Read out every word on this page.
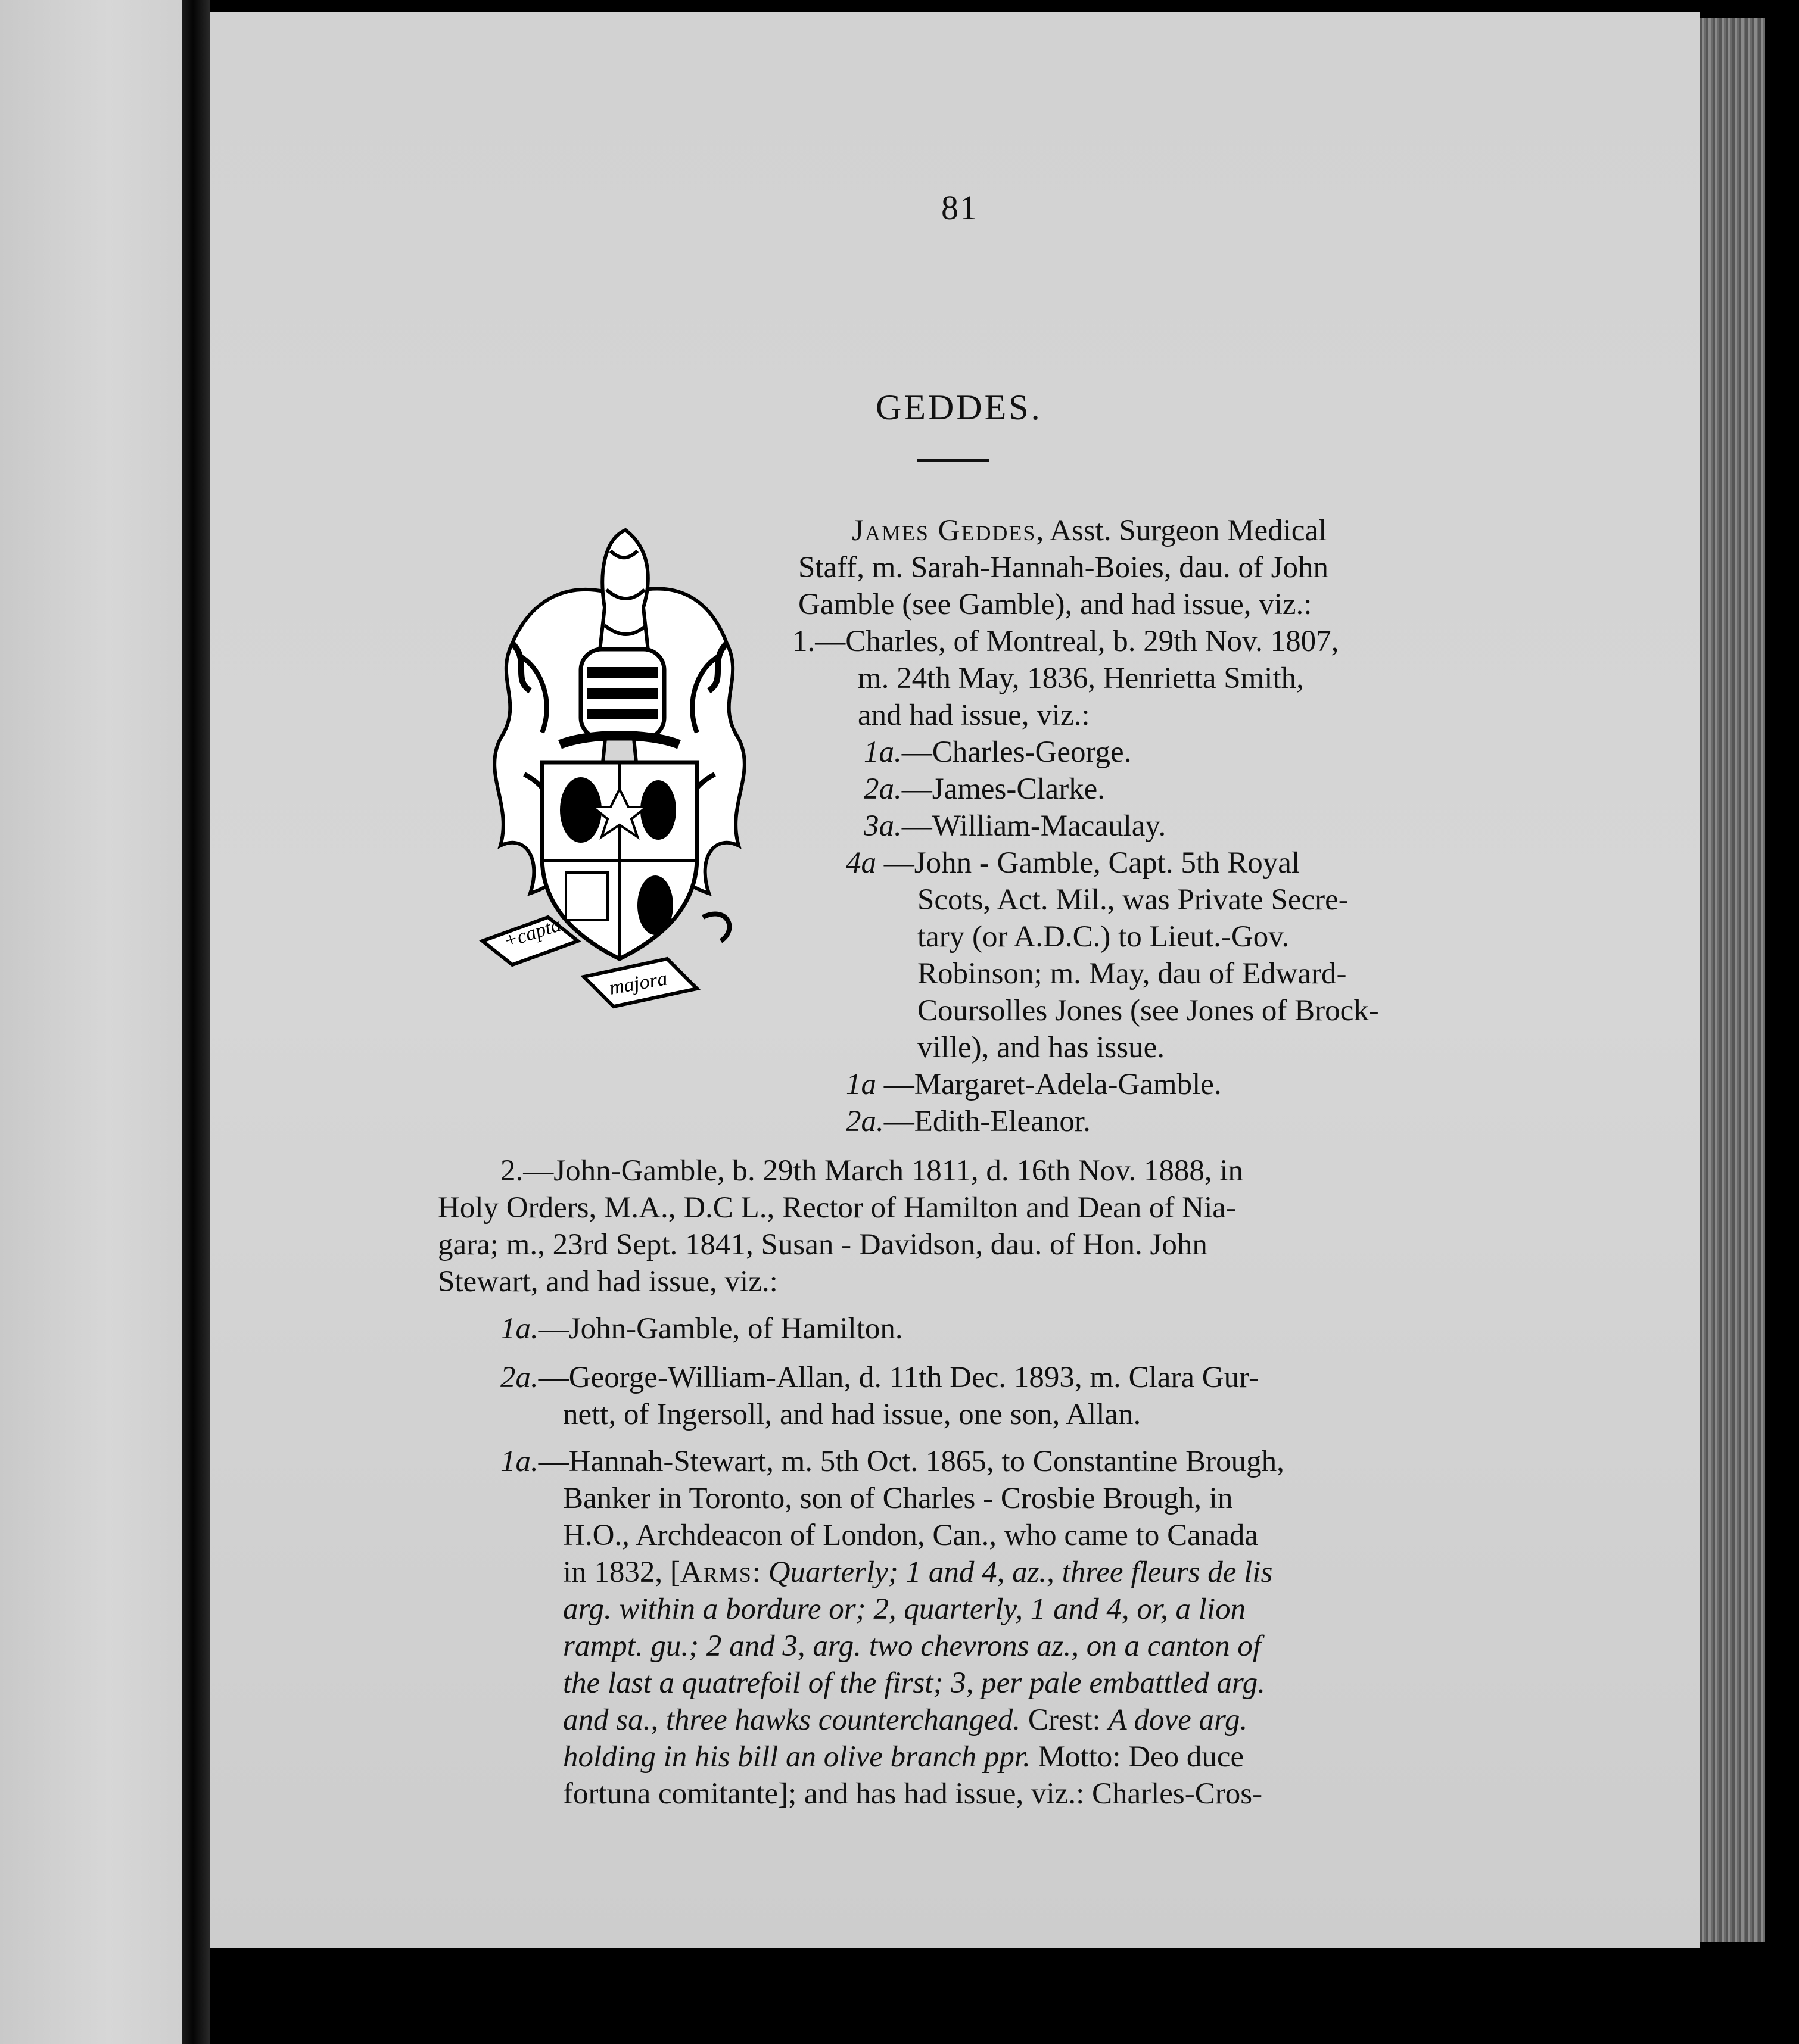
81
GEDDES.
+capta
majora
James Geddes, Asst. Surgeon Medical
Staff, m. Sarah-Hannah-Boies, dau. of John
Gamble (see Gamble), and had issue, viz.:
1.—Charles, of Montreal, b. 29th Nov. 1807,
m. 24th May, 1836, Henrietta Smith,
and had issue, viz.:
1a.—Charles-George.
2a.—James-Clarke.
3a.—William-Macaulay.
4a —John - Gamble, Capt. 5th Royal
Scots, Act. Mil., was Private Secre-
tary (or A.D.C.) to Lieut.-Gov.
Robinson; m. May, dau of Edward-
Coursolles Jones (see Jones of Brock-
ville), and has issue.
1a —Margaret-Adela-Gamble.
2a.—Edith-Eleanor.
2.—John-Gamble, b. 29th March 1811, d. 16th Nov. 1888, in
Holy Orders, M.A., D.C L., Rector of Hamilton and Dean of Nia-
gara; m., 23rd Sept. 1841, Susan - Davidson, dau. of Hon. John
Stewart, and had issue, viz.:
1a.—John-Gamble, of Hamilton.
2a.—George-William-Allan, d. 11th Dec. 1893, m. Clara Gur-
nett, of Ingersoll, and had issue, one son, Allan.
1a.—Hannah-Stewart, m. 5th Oct. 1865, to Constantine Brough,
Banker in Toronto, son of Charles - Crosbie Brough, in
H.O., Archdeacon of London, Can., who came to Canada
in 1832, [Arms: Quarterly; 1 and 4, az., three fleurs de lis
arg. within a bordure or; 2, quarterly, 1 and 4, or, a lion
rampt. gu.; 2 and 3, arg. two chevrons az., on a canton of
the last a quatrefoil of the first; 3, per pale embattled arg.
and sa., three hawks counterchanged. Crest: A dove arg.
holding in his bill an olive branch ppr. Motto: Deo duce
fortuna comitante]; and has had issue, viz.: Charles-Cros-
